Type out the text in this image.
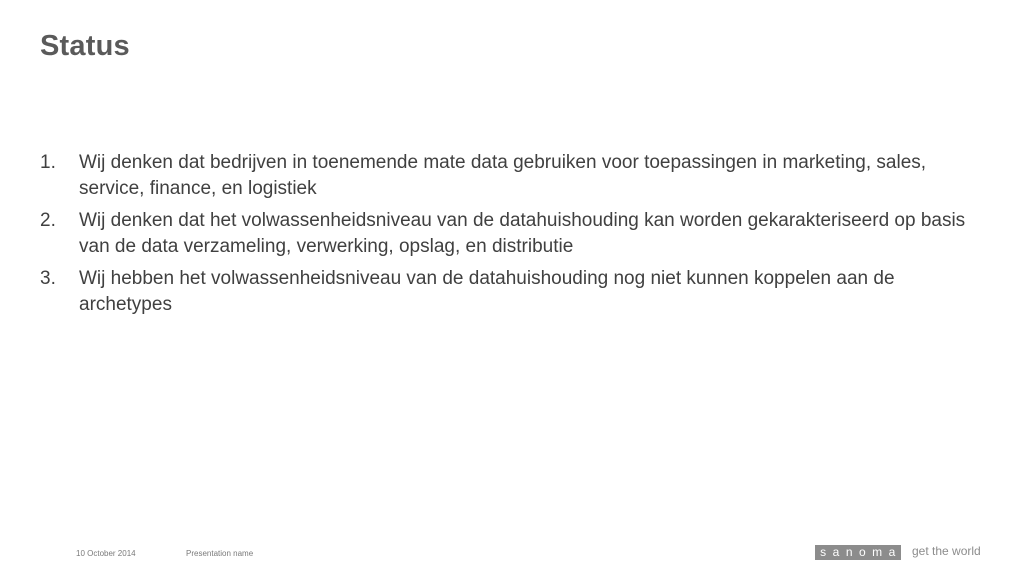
Status
1.	Wij denken dat bedrijven in toenemende mate data gebruiken voor toepassingen in marketing, sales, service, finance, en logistiek
2.	Wij denken dat het volwassenheidsniveau van de datahuishouding kan worden gekarakteriseerd op basis van de data verzameling, verwerking, opslag, en distributie
3.	Wij hebben het volwassenheidsniveau van de datahuishouding nog niet kunnen koppelen aan de archetypes
10 October 2014	Presentation name	sanoma get the world
